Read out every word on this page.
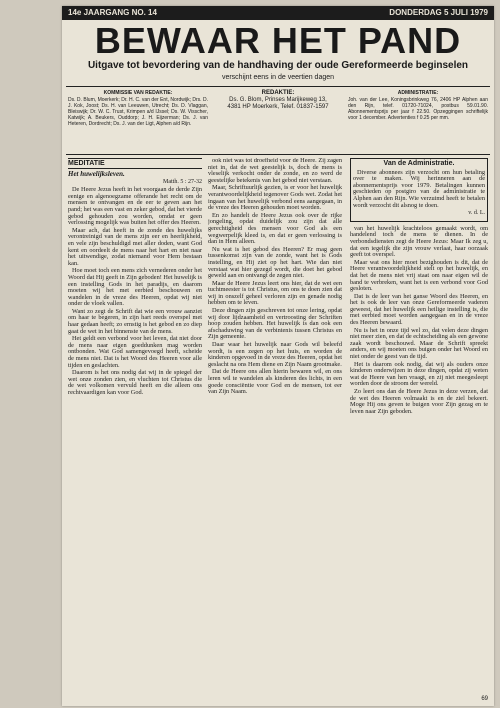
14e JAARGANG NO. 14	DONDERDAG 5 JULI 1979
BEWAAR HET PAND
Uitgave tot bevordering van de handhaving der oude Gereformeerde beginselen
verschijnt eens in de veertien dagen
KOMMISSIE VAN REDAKTIE:

Ds. D. Blum, Moerkerk; Dr. H. C. van der Ent, Nordwijk; Drs. D. J. Kok, Joost; Ds. H. van Leeuwen, Utrecht; Ds. D. Vlaggan, Bleiswijk; Dr. W. C. Trust, Krimpen a/d IJssel; Ds. W. Visscher, Katwijk; A. Beukers, Ouddorp; J. H. Eijzerman; Ds. J. van Heteren, Dordrecht; Ds. J. van der Ligt, Alphen a/d Rijn.

REDAKTIE:
Ds. G. Blom, Prinses Marijkeweg 13,
4381 HP Moerkerk, Telef. 01837-1597
ADMINISTRATIE:

Joh. van der Lee, Koningsbrinkweg 76, 2406 HP Alphen aan den Rijn, telef. 01720-71024, postbus 59.01.90. Abonnementsprijs per jaar f 22.50. Opzeggingen schriftelijk voor 1 december. Advertenties f 0.25 per mm.

MEDITATIE
Het huwelijksleven.
Matth. 5 : 27-32

De Heere Jezus heeft in het voorgaan de derde Zijn eenige en algenoegzame offerande het recht om de mensen te ontvangen en de eer te geven aan het pand; het was een vast en zeker gebod, dat het vierde gebod gehouden zou worden, omdat er geen verlossing mogelijk was buiten het offer des Heeren.

Maar ach, dat heeft in de zonde des huwelijks verontreinigd van de mens zijn eer en heerlijkheid, en vele zijn beschuldigd met aller doden, want God kent en oordeelt de mens naar het hart en niet naar het uitwendige, zodat niemand voor Hem bestaan kan.

Hoe moet toch een mens zich vernederen onder het Woord dat Hij geeft in Zijn geboden! Het huwelijk is een instelling Gods in het paradijs, en daarom moeten wij het met eerbied beschouwen en wandelen in de vreze des Heeren, opdat wij niet onder de vloek vallen.

Want zo zegt de Schrift dat wie een vrouw aanziet om haar te begeren, in zijn hart reeds overspel met haar gedaan heeft; zo ernstig is het gebod en zo diep gaat de wet in het binnenste van de mens.

Het geldt een verbond voor het leven, dat niet door de mens naar eigen goeddunken mag worden ontbonden. Wat God samengevoegd heeft, scheide de mens niet. Dat is het Woord des Heeren voor alle tijden en geslachten.

Daarom is het ons nodig dat wij in de spiegel der wet onze zonden zien, en vluchten tot Christus die de wet volkomen vervuld heeft en die alleen ons rechtvaardigen kan voor God.

ook niet was tot droefheid voor de Heere. Zij zagen niet in, dat de wet geestelijk is, doch de mens is vleselijk verkocht onder de zonde, en zo werd de geestelijke betekenis van het gebod niet verstaan.

Maar, Schriftuurlijk gezien, is er voor het huwelijk verantwoordelijkheid tegenover Gods wet. Zodat het ingaan van het huwelijk verbond eens aangegaan, in de vreze des Heeren gehouden moet worden.

En zo handelt de Heere Jezus ook over de rijke jongeling, opdat duidelijk zou zijn dat alle gerechtigheid des mensen voor God als een wegwerpelijk kleed is, en dat er geen verlossing is dan in Hem alleen.

Nu wat is het gebod des Heeren? Er mag geen tussenkomst zijn van de zonde, want het is Gods instelling, en Hij ziet op het hart. Wie dan niet verstaat wat hier gezegd wordt, die doet het gebod geweld aan en ontvangt de zegen niet.

Maar de Heere Jezus leert ons hier, dat de wet een tuchtmeester is tot Christus, om ons te doen zien dat wij in onszelf geheel verloren zijn en genade nodig hebben om te leven.

Deze dingen zijn geschreven tot onze lering, opdat wij door lijdzaamheid en vertroosting der Schriften hoop zouden hebben. Het huwelijk is dan ook een afschaduwing van de verbintenis tussen Christus en Zijn gemeente.

Daar waar het huwelijk naar Gods wil beleefd wordt, is een zegen op het huis, en worden de kinderen opgevoed in de vreze des Heeren, opdat het geslacht na ons Hem diene en Zijn Naam grootmake.

Dat de Heere ons allen hierin bewaren wil, en ons leren wil te wandelen als kinderen des lichts, in een goede consciëntie voor God en de mensen, tot eer van Zijn Naam.

Van de Administratie.

Diverse abonnees zijn verzocht om hun betaling over te maken. Wij herinneren aan de abonnementsprijs voor 1979. Betalingen kunnen geschieden op postgiro van de administratie te Alphen aan den Rijn. Wie verzuimd heeft te betalen wordt verzocht dit alsnog te doen.

v. d. L.

van het huwelijk krachteloos gemaakt wordt, om handelend toch de mens te dienen. In de verbondsdiensten zegt de Heere Jezus: Maar Ik zeg u, dat een iegelijk die zijn vrouw verlaat, haar oorzaak geeft tot overspel.

Maar wat ons hier moet bezighouden is dit, dat de Heere verantwoordelijkheid stelt op het huwelijk, en dat het de mens niet vrij staat om naar eigen wil de band te verbreken, want het is een verbond voor God gesloten.

Dat is de leer van het ganse Woord des Heeren, en het is ook de leer van onze Gereformeerde vaderen geweest, dat het huwelijk een heilige instelling is, die met eerbied moet worden aangegaan en in de vreze des Heeren bewaard.

Nu is het in onze tijd wel zo, dat velen deze dingen niet meer zien, en dat de echtscheiding als een gewone zaak wordt beschouwd. Maar de Schrift spreekt anders, en wij moeten ons buigen onder het Woord en niet onder de geest van de tijd.

Het is daarom ook nodig, dat wij als ouders onze kinderen onderwijzen in deze dingen, opdat zij weten wat de Heere van hen vraagt, en zij niet meegesleept worden door de stroom der wereld.

Zo leert ons dan de Heere Jezus in deze verzen, dat de wet des Heeren volmaakt is en de ziel bekeert. Moge Hij ons geven te buigen voor Zijn gezag en te leven naar Zijn geboden.

69
